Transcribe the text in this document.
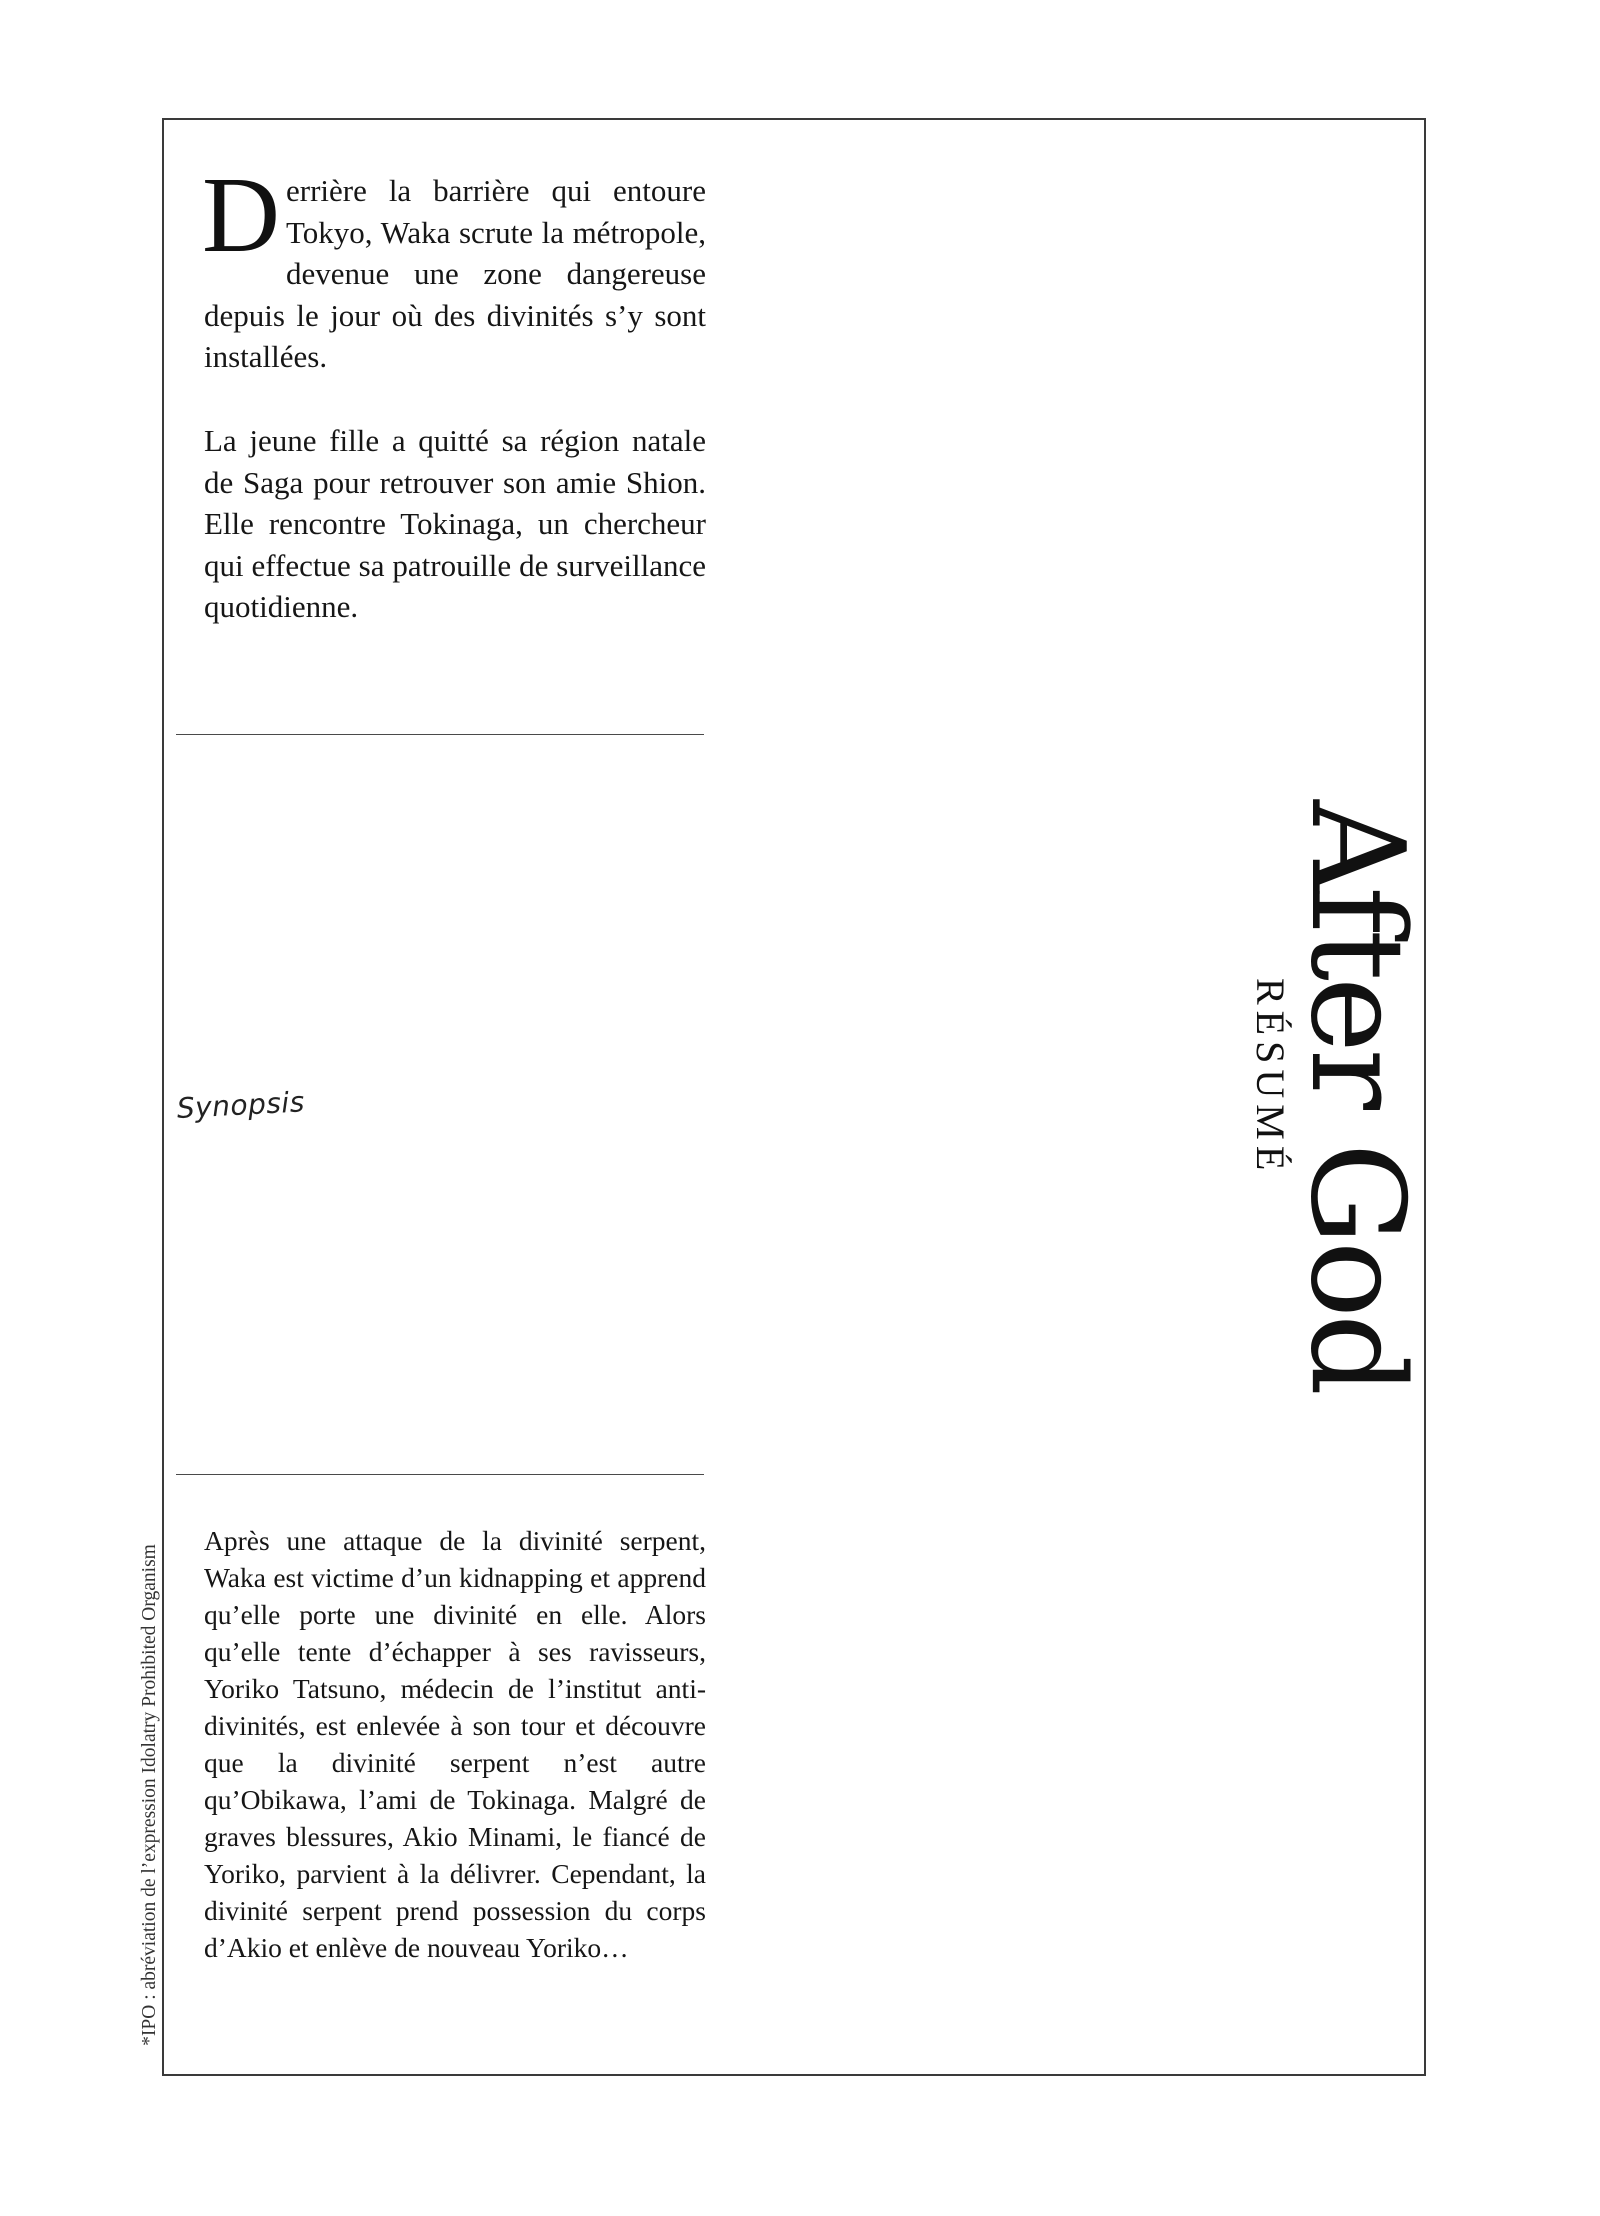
Derrière la barrière qui entoure Tokyo, Waka scrute la métropole, devenue une zone dangereuse depuis le jour où des divinités s’y sont installées.

La jeune fille a quitté sa région natale de Saga pour retrouver son amie Shion. Elle rencontre Tokinaga, un chercheur qui effectue sa patrouille de surveillance quotidienne.

Synopsis

Après une attaque de la divinité serpent, Waka est victime d’un kidnapping et apprend qu’elle porte une divinité en elle. Alors qu’elle tente d’échapper à ses ravisseurs, Yoriko Tatsuno, médecin de l’institut anti-divinités, est enlevée à son tour et découvre que la divinité serpent n’est autre qu’Obikawa, l’ami de Tokinaga. Malgré de graves blessures, Akio Minami, le fiancé de Yoriko, parvient à la délivrer. Cependant, la divinité serpent prend possession du corps d’Akio et enlève de nouveau Yoriko…

*IPO : abréviation de l’expression Idolatry Prohibited Organism
After God
RÉSUMÉ
